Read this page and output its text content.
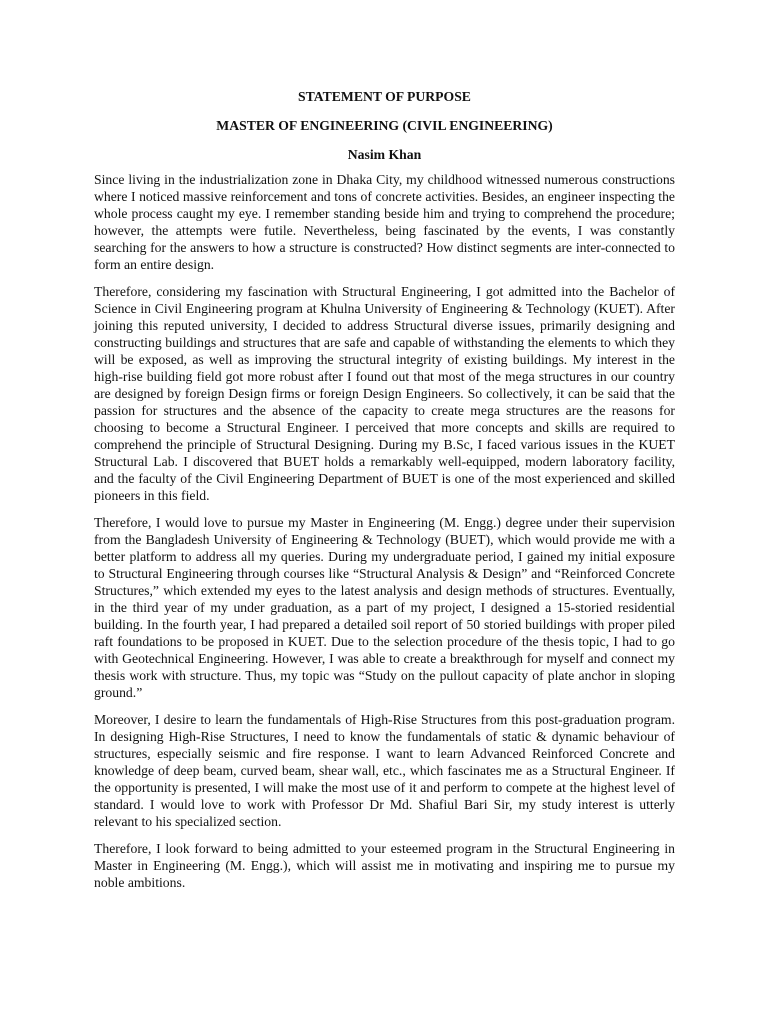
STATEMENT OF PURPOSE
MASTER OF ENGINEERING (CIVIL ENGINEERING)
Nasim Khan

Since living in the industrialization zone in Dhaka City, my childhood witnessed numerous constructions where I noticed massive reinforcement and tons of concrete activities. Besides, an engineer inspecting the whole process caught my eye. I remember standing beside him and trying to comprehend the procedure; however, the attempts were futile. Nevertheless, being fascinated by the events, I was constantly searching for the answers to how a structure is constructed? How distinct segments are inter-connected to form an entire design.

Therefore, considering my fascination with Structural Engineering, I got admitted into the Bachelor of Science in Civil Engineering program at Khulna University of Engineering & Technology (KUET). After joining this reputed university, I decided to address Structural diverse issues, primarily designing and constructing buildings and structures that are safe and capable of withstanding the elements to which they will be exposed, as well as improving the structural integrity of existing buildings. My interest in the high-rise building field got more robust after I found out that most of the mega structures in our country are designed by foreign Design firms or foreign Design Engineers. So collectively, it can be said that the passion for structures and the absence of the capacity to create mega structures are the reasons for choosing to become a Structural Engineer. I perceived that more concepts and skills are required to comprehend the principle of Structural Designing. During my B.Sc, I faced various issues in the KUET Structural Lab. I discovered that BUET holds a remarkably well-equipped, modern laboratory facility, and the faculty of the Civil Engineering Department of BUET is one of the most experienced and skilled pioneers in this field.

Therefore, I would love to pursue my Master in Engineering (M. Engg.) degree under their supervision from the Bangladesh University of Engineering & Technology (BUET), which would provide me with a better platform to address all my queries. During my undergraduate period, I gained my initial exposure to Structural Engineering through courses like “Structural Analysis & Design” and “Reinforced Concrete Structures,” which extended my eyes to the latest analysis and design methods of structures. Eventually, in the third year of my under graduation, as a part of my project, I designed a 15-storied residential building. In the fourth year, I had prepared a detailed soil report of 50 storied buildings with proper piled raft foundations to be proposed in KUET. Due to the selection procedure of the thesis topic, I had to go with Geotechnical Engineering. However, I was able to create a breakthrough for myself and connect my thesis work with structure. Thus, my topic was “Study on the pullout capacity of plate anchor in sloping ground.”

Moreover, I desire to learn the fundamentals of High-Rise Structures from this post-graduation program. In designing High-Rise Structures, I need to know the fundamentals of static & dynamic behaviour of structures, especially seismic and fire response. I want to learn Advanced Reinforced Concrete and knowledge of deep beam, curved beam, shear wall, etc., which fascinates me as a Structural Engineer. If the opportunity is presented, I will make the most use of it and perform to compete at the highest level of standard. I would love to work with Professor Dr Md. Shafiul Bari Sir, my study interest is utterly relevant to his specialized section.

Therefore, I look forward to being admitted to your esteemed program in the Structural Engineering in Master in Engineering (M. Engg.), which will assist me in motivating and inspiring me to pursue my noble ambitions.
